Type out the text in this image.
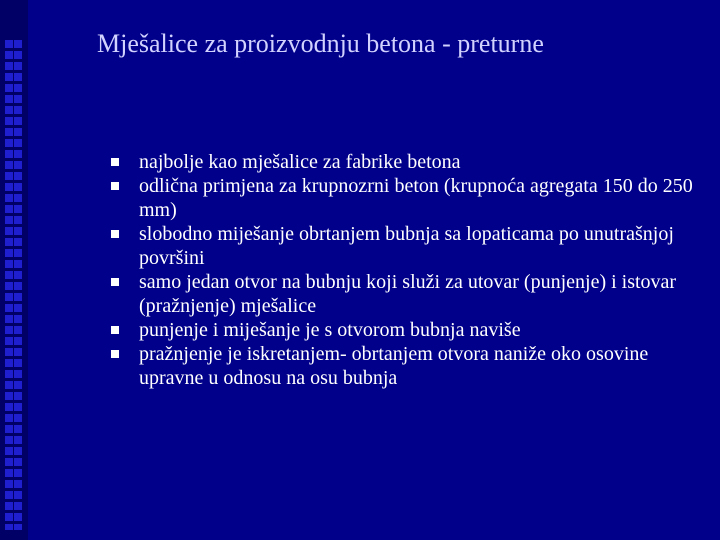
Mješalice za proizvodnju betona - preturne
najbolje kao mješalice za fabrike betona
odlična primjena za krupnozrni beton (krupnoća agregata 150 do 250 mm)
slobodno miješanje obrtanjem bubnja sa lopaticama po unutrašnjoj površini
samo jedan otvor na bubnju koji služi za utovar (punjenje) i istovar (pražnjenje) mješalice
punjenje i miješanje je s otvorom bubnja naviše
pražnjenje je iskretanjem- obrtanjem otvora naniže oko osovine upravne u odnosu na osu bubnja
